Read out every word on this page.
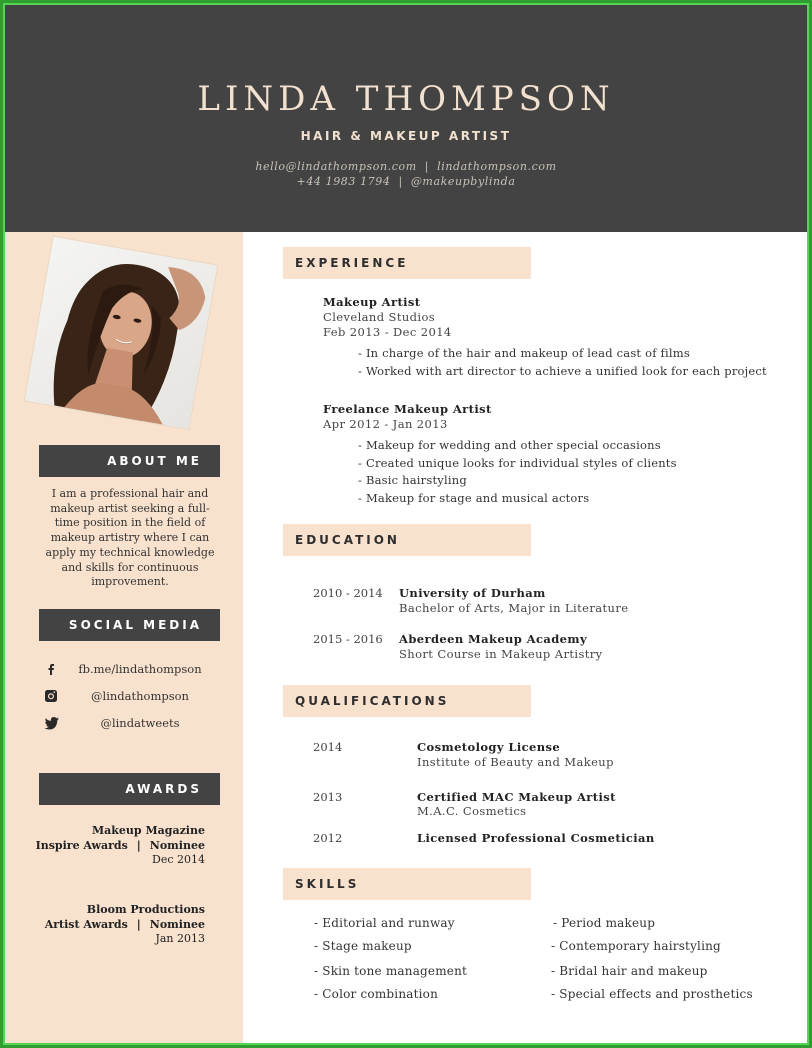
LINDA THOMPSON
HAIR & MAKEUP ARTIST
hello@lindathompson.com | lindathompson.com
+44 1983 1794 | @makeupbylinda
ABOUT ME
I am a professional hair and makeup artist seeking a full-time position in the field of makeup artistry where I can apply my technical knowledge and skills for continuous improvement.
SOCIAL MEDIA
fb.me/lindathompson
@lindathompson
@lindatweets
AWARDS
Makeup Magazine
Inspire Awards | Nominee
Dec 2014
Bloom Productions
Artist Awards | Nominee
Jan 2013
EXPERIENCE
Makeup Artist
Cleveland Studios
Feb 2013 - Dec 2014
- In charge of the hair and makeup of lead cast of films
- Worked with art director to achieve a unified look for each project
Freelance Makeup Artist
Apr 2012 - Jan 2013
- Makeup for wedding and other special occasions
- Created unique looks for individual styles of clients
- Basic hairstyling
- Makeup for stage and musical actors
EDUCATION
2010 - 2014 University of Durham
Bachelor of Arts, Major in Literature
2015 - 2016 Aberdeen Makeup Academy
Short Course in Makeup Artistry
QUALIFICATIONS
2014	Cosmetology License
Institute of Beauty and Makeup
2013	Certified MAC Makeup Artist
M.A.C. Cosmetics
2012	Licensed Professional Cosmetician
SKILLS
- Editorial and runway
- Stage makeup
- Skin tone management
- Color combination
- Period makeup
- Contemporary hairstyling
- Bridal hair and makeup
- Special effects and prosthetics
